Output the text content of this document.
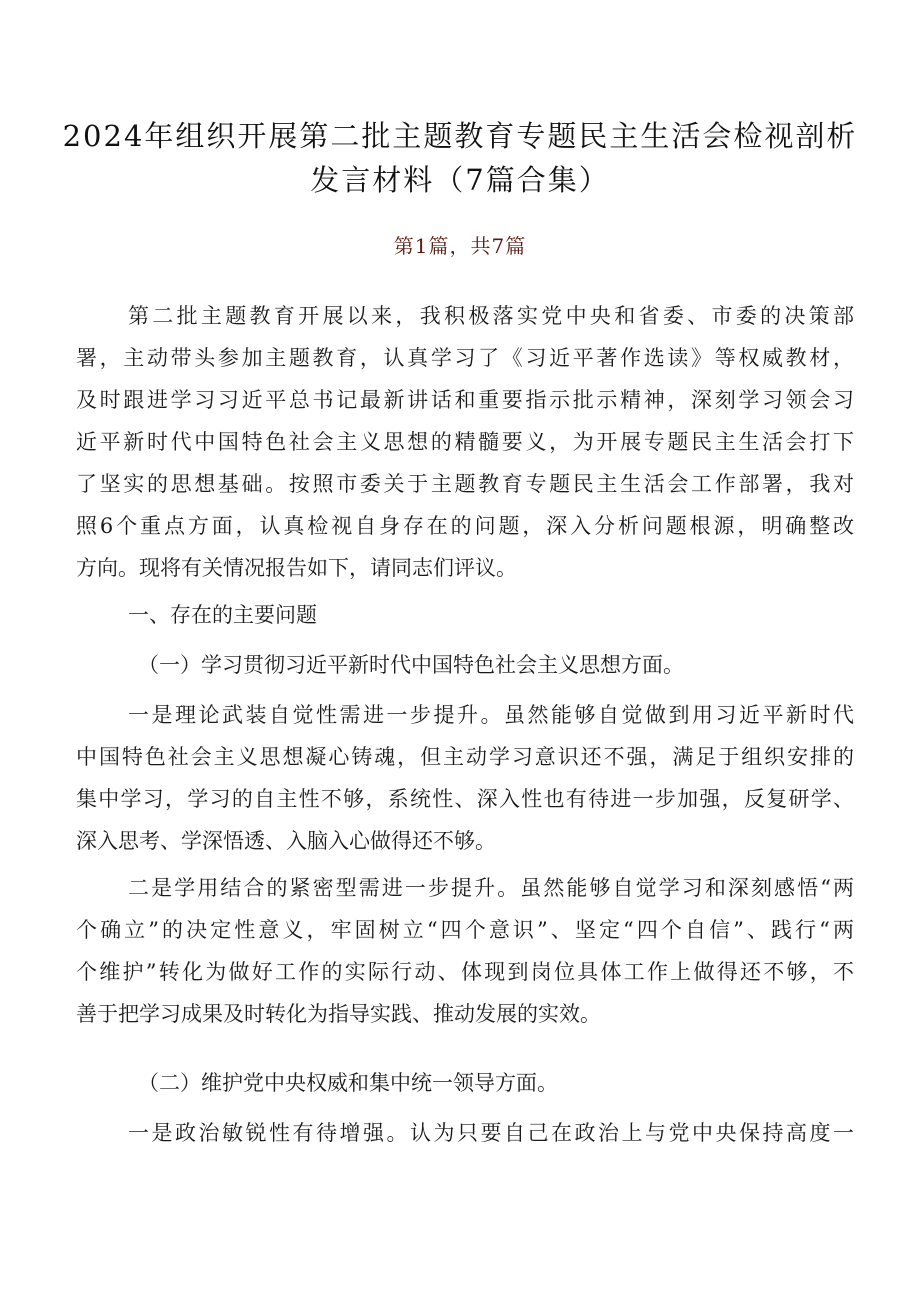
2024年组织开展第二批主题教育专题民主生活会检视剖析
发言材料（7篇合集）
第1篇，共7篇
第二批主题教育开展以来，我积极落实党中央和省委、市委的决策部
署，主动带头参加主题教育，认真学习了《习近平著作选读》等权威教材，
及时跟进学习习近平总书记最新讲话和重要指示批示精神，深刻学习领会习
近平新时代中国特色社会主义思想的精髓要义，为开展专题民主生活会打下
了坚实的思想基础。按照市委关于主题教育专题民主生活会工作部署，我对
照6个重点方面，认真检视自身存在的问题，深入分析问题根源，明确整改
方向。现将有关情况报告如下，请同志们评议。
一、存在的主要问题
（一）学习贯彻习近平新时代中国特色社会主义思想方面。
一是理论武装自觉性需进一步提升。虽然能够自觉做到用习近平新时代
中国特色社会主义思想凝心铸魂，但主动学习意识还不强，满足于组织安排的
集中学习，学习的自主性不够，系统性、深入性也有待进一步加强，反复研学、
深入思考、学深悟透、入脑入心做得还不够。
二是学用结合的紧密型需进一步提升。虽然能够自觉学习和深刻感悟“两
个确立”的决定性意义，牢固树立“四个意识”、坚定“四个自信”、践行“两
个维护”转化为做好工作的实际行动、体现到岗位具体工作上做得还不够，不
善于把学习成果及时转化为指导实践、推动发展的实效。
（二）维护党中央权威和集中统一领导方面。
一是政治敏锐性有待增强。认为只要自己在政治上与党中央保持高度一
